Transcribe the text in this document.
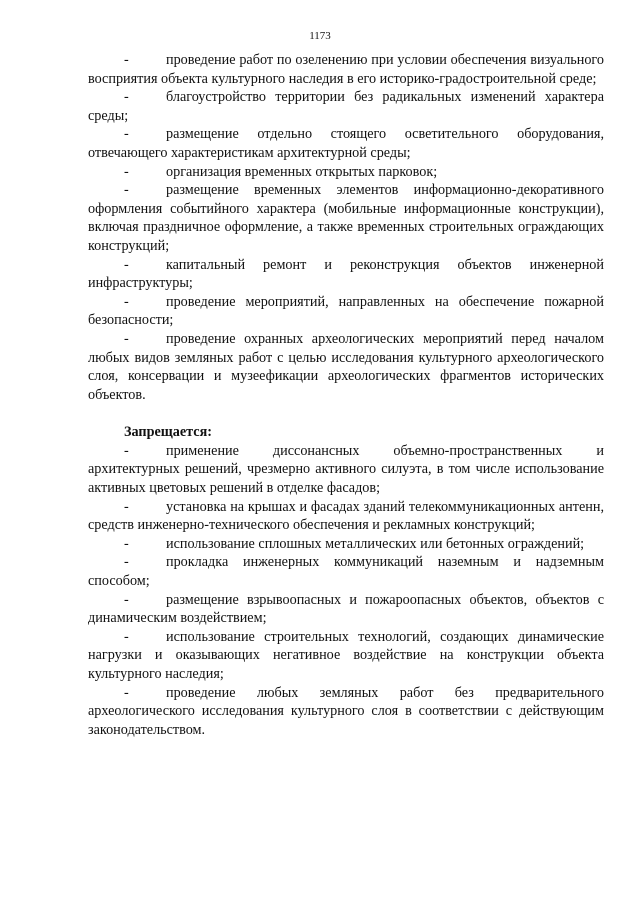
1173

-	проведение работ по озеленению при условии обеспечения визуального восприятия объекта культурного наследия в его историко-градостроительной среде;

-	благоустройство территории без радикальных изменений характера среды;

-	размещение отдельно стоящего осветительного оборудования, отвечающего характеристикам архитектурной среды;

-	организация временных открытых парковок;

-	размещение временных элементов информационно-декоративного оформления событийного характера (мобильные информационные конструкции), включая праздничное оформление, а также временных строительных ограждающих конструкций;

-	капитальный ремонт и реконструкция объектов инженерной инфраструктуры;

-	проведение мероприятий, направленных на обеспечение пожарной безопасности;

-	проведение охранных археологических мероприятий перед началом любых видов земляных работ с целью исследования культурного археологического слоя, консервации и музеефикации археологических фрагментов исторических объектов.

Запрещается:

-	применение диссонансных объемно-пространственных и архитектурных решений, чрезмерно активного силуэта, в том числе использование активных цветовых решений в отделке фасадов;

-	установка на крышах и фасадах зданий телекоммуникационных антенн, средств инженерно-технического обеспечения и рекламных конструкций;

-	использование сплошных металлических или бетонных ограждений;

-	прокладка инженерных коммуникаций наземным и надземным способом;

-	размещение взрывоопасных и пожароопасных объектов, объектов с динамическим воздействием;

-	использование строительных технологий, создающих динамические нагрузки и оказывающих негативное воздействие на конструкции объекта культурного наследия;

-	проведение любых земляных работ без предварительного археологического исследования культурного слоя в соответствии с действующим законодательством.
